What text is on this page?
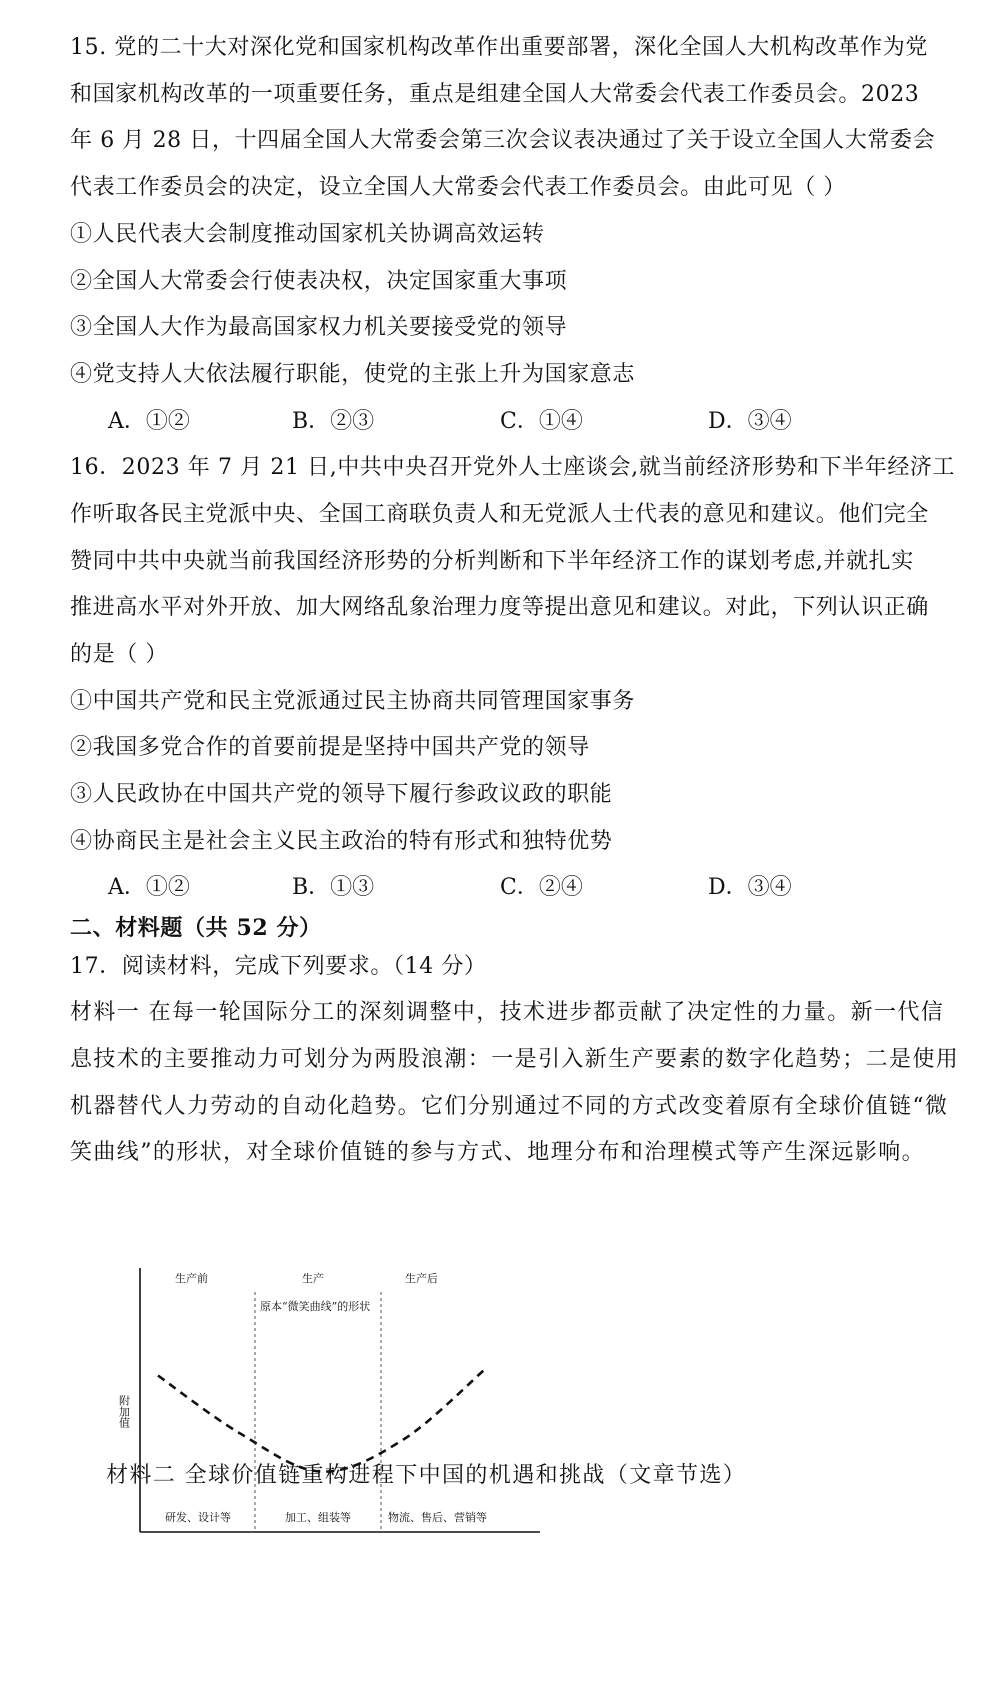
15. 党的二十大对深化党和国家机构改革作出重要部署，深化全国人大机构改革作为党
和国家机构改革的一项重要任务，重点是组建全国人大常委会代表工作委员会。2023
年 6 月 28 日，十四届全国人大常委会第三次会议表决通过了关于设立全国人大常委会
代表工作委员会的决定，设立全国人大常委会代表工作委员会。由此可见（ ）
①人民代表大会制度推动国家机关协调高效运转
②全国人大常委会行使表决权，决定国家重大事项
③全国人大作为最高国家权力机关要接受党的领导
④党支持人大依法履行职能，使党的主张上升为国家意志
A．①②	B．②③	C．①④	D．③④
16．2023 年 7 月 21 日,中共中央召开党外人士座谈会,就当前经济形势和下半年经济工
作听取各民主党派中央、全国工商联负责人和无党派人士代表的意见和建议。他们完全
赞同中共中央就当前我国经济形势的分析判断和下半年经济工作的谋划考虑,并就扎实
推进高水平对外开放、加大网络乱象治理力度等提出意见和建议。对此，下列认识正确
的是（ ）
①中国共产党和民主党派通过民主协商共同管理国家事务
②我国多党合作的首要前提是坚持中国共产党的领导
③人民政协在中国共产党的领导下履行参政议政的职能
④协商民主是社会主义民主政治的特有形式和独特优势
A．①②	B．①③	C．②④	D．③④
二、材料题（共 52 分）
17．阅读材料，完成下列要求。（14 分）
材料一 在每一轮国际分工的深刻调整中，技术进步都贡献了决定性的力量。新一代信
息技术的主要推动力可划分为两股浪潮：一是引入新生产要素的数字化趋势；二是使用
机器替代人力劳动的自动化趋势。它们分别通过不同的方式改变着原有全球价值链“微
笑曲线”的形状，对全球价值链的参与方式、地理分布和治理模式等产生深远影响。
生产前	生产	生产后
原本“微笑曲线”的形状
附加值
研发、设计等	加工、组装等	物流、售后、营销等
材料二 全球价值链重构进程下中国的机遇和挑战（文章节选）
